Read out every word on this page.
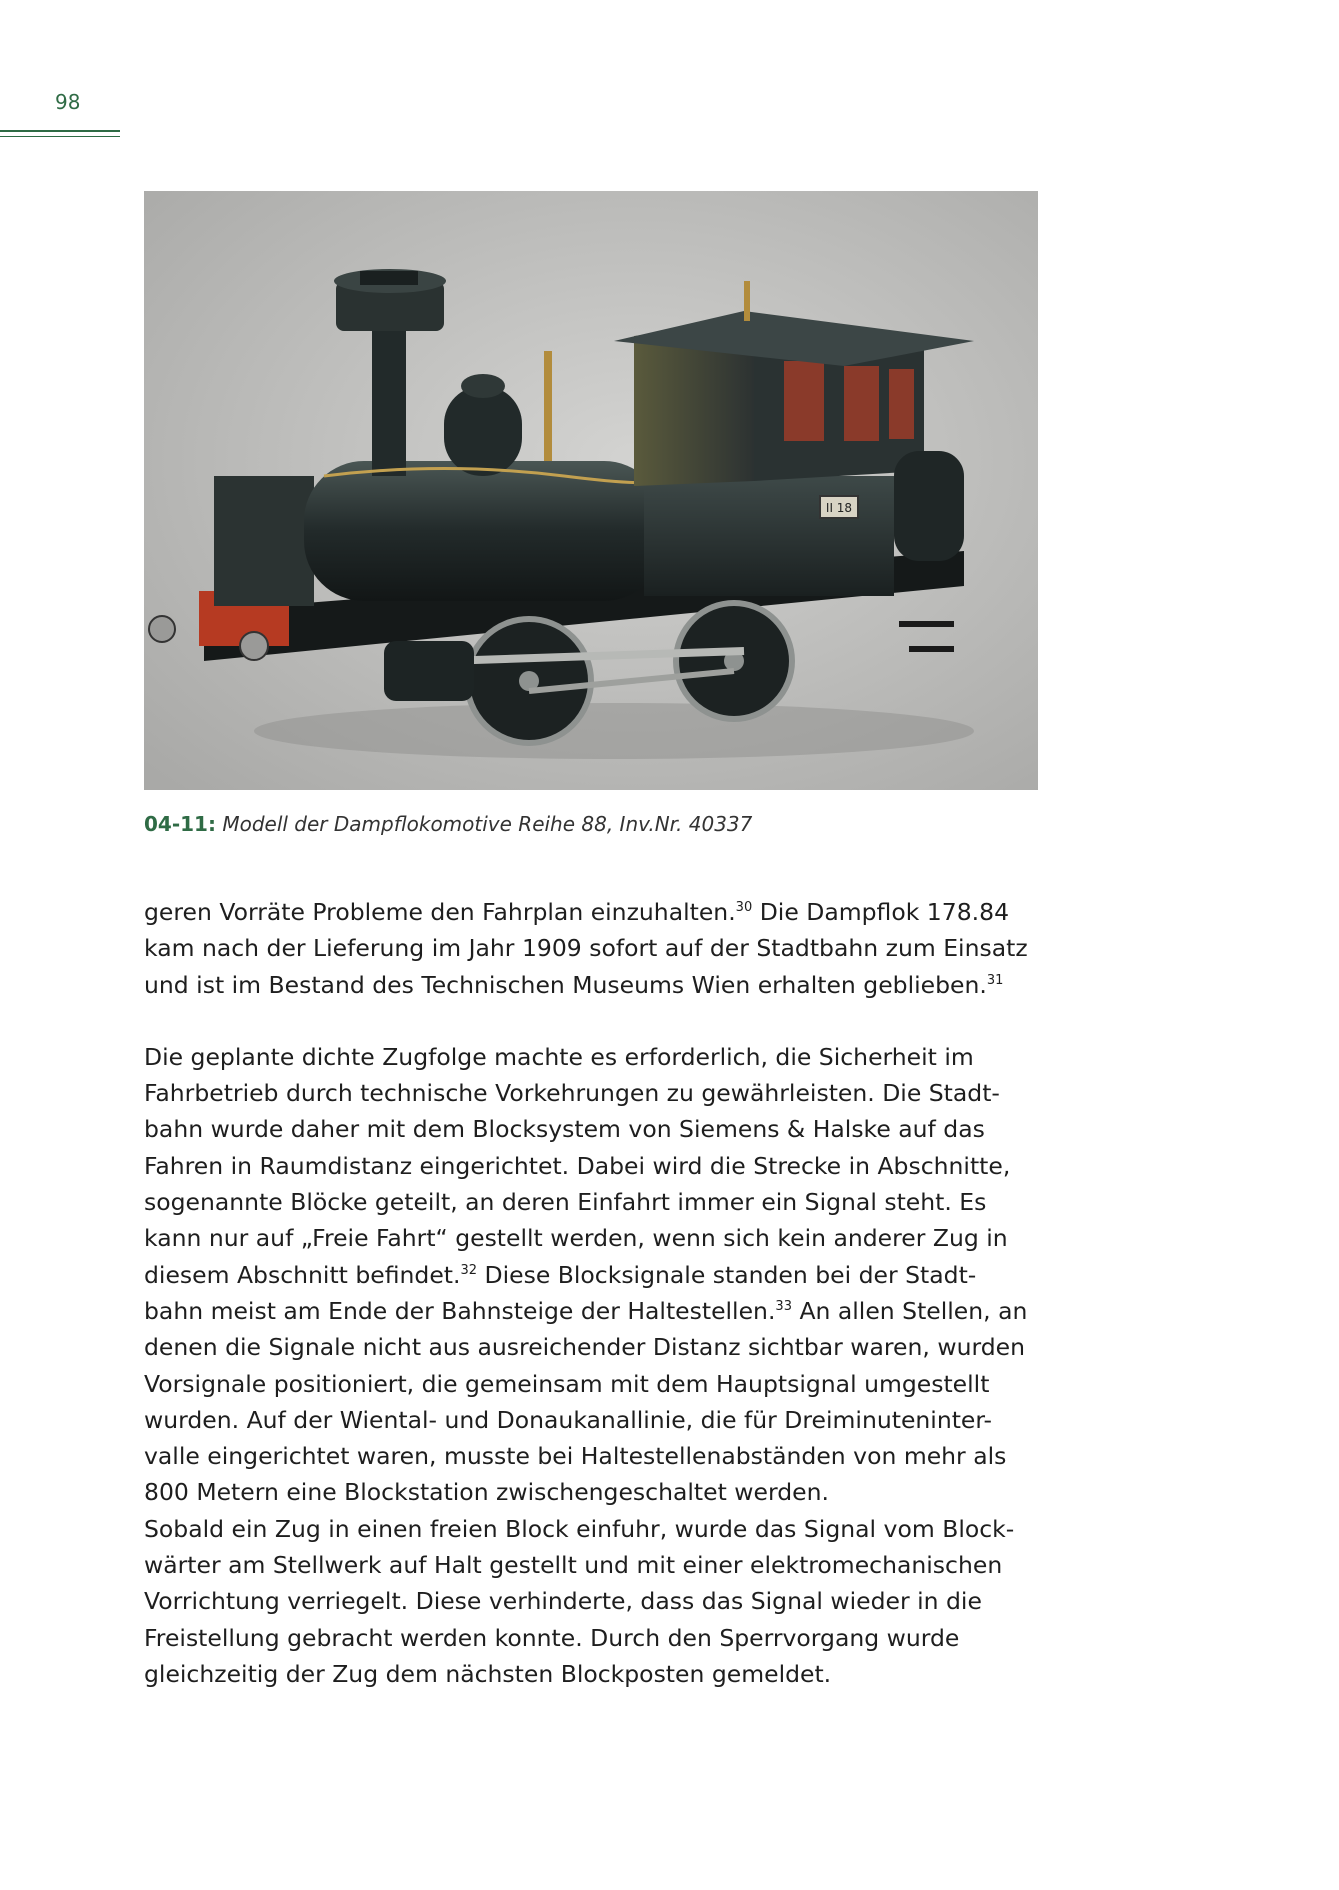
98
II 18
04-11: Modell der Dampflokomotive Reihe 88, Inv.Nr. 40337

geren Vorräte Probleme den Fahrplan einzuhalten.$^{30}$ Die Dampflok 178.84
kam nach der Lieferung im Jahr 1909 sofort auf der Stadtbahn zum Einsatz
und ist im Bestand des Technischen Museums Wien erhalten geblieben.$^{31}$

Die geplante dichte Zugfolge machte es erforderlich, die Sicherheit im
Fahrbetrieb durch technische Vorkehrungen zu gewährleisten. Die Stadt-
bahn wurde daher mit dem Blocksystem von Siemens & Halske auf das
Fahren in Raumdistanz eingerichtet. Dabei wird die Strecke in Abschnitte,
sogenannte Blöcke geteilt, an deren Einfahrt immer ein Signal steht. Es
kann nur auf „Freie Fahrt“ gestellt werden, wenn sich kein anderer Zug in
diesem Abschnitt befindet.$^{32}$ Diese Blocksignale standen bei der Stadt-
bahn meist am Ende der Bahnsteige der Haltestellen.$^{33}$ An allen Stellen, an
denen die Signale nicht aus ausreichender Distanz sichtbar waren, wurden
Vorsignale positioniert, die gemeinsam mit dem Hauptsignal umgestellt
wurden. Auf der Wiental- und Donaukanallinie, die für Dreiminuteninter-
valle eingerichtet waren, musste bei Haltestellenabständen von mehr als
800 Metern eine Blockstation zwischengeschaltet werden.
Sobald ein Zug in einen freien Block einfuhr, wurde das Signal vom Block-
wärter am Stellwerk auf Halt gestellt und mit einer elektromechanischen
Vorrichtung verriegelt. Diese verhinderte, dass das Signal wieder in die
Freistellung gebracht werden konnte. Durch den Sperrvorgang wurde
gleichzeitig der Zug dem nächsten Blockposten gemeldet.
